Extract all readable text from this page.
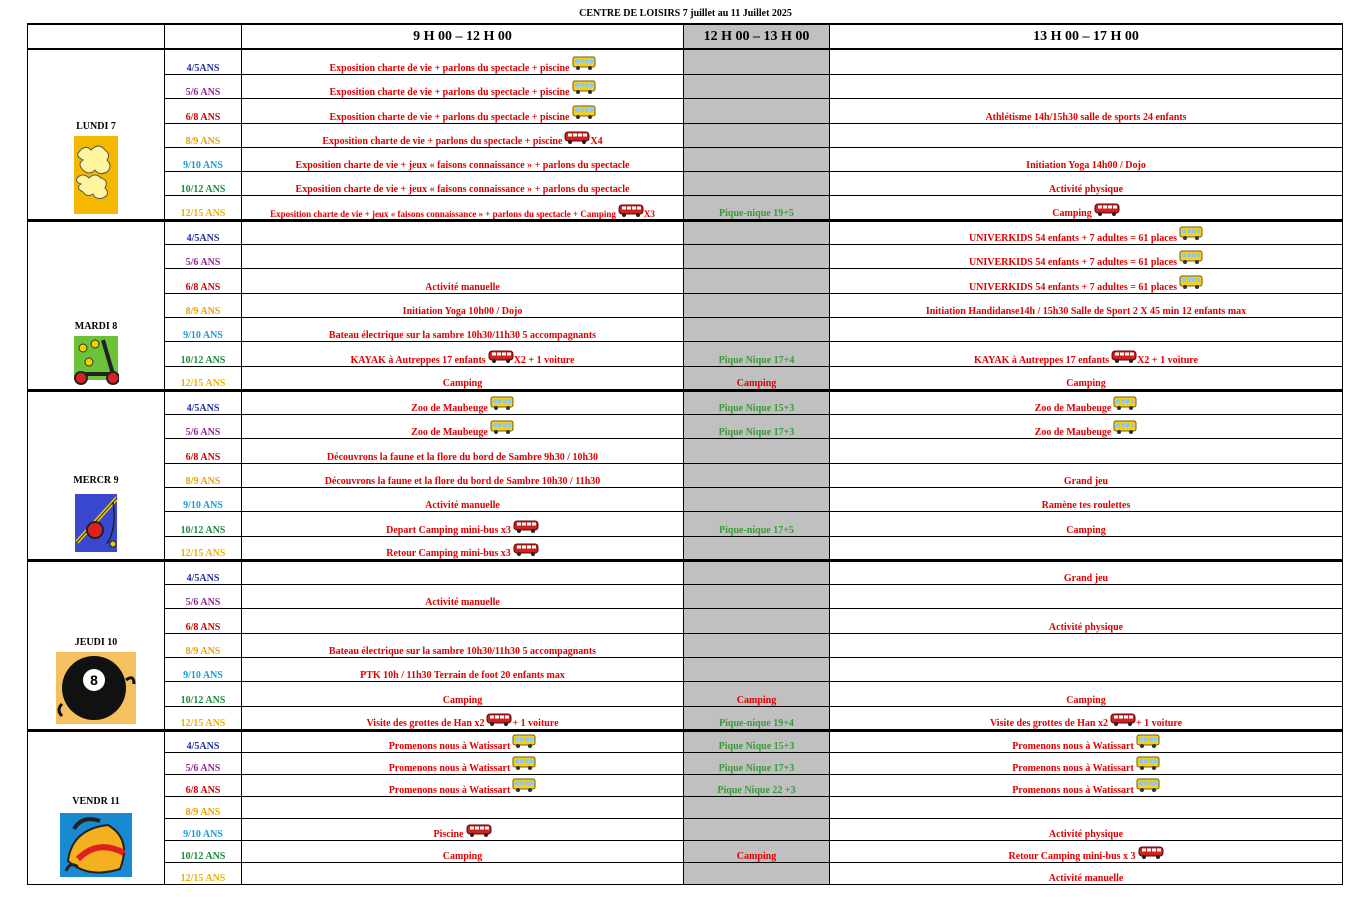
CENTRE DE LOISIRS 7 juillet au 11 Juillet 2025
		9 H 00 – 12 H 00	12 H 00 – 13 H 00	13 H 00 – 17 H 00

LUNDI 7	4/5ANS	Exposition charte de vie + parlons du spectacle + piscine		
	5/6 ANS	Exposition charte de vie + parlons du spectacle + piscine		
	6/8 ANS	Exposition charte de vie + parlons du spectacle + piscine		Athlétisme 14h/15h30 salle de sports 24 enfants
	8/9 ANS	Exposition charte de vie + parlons du spectacle + piscine X4		
	9/10 ANS	Exposition charte de vie + jeux « faisons connaissance » + parlons du spectacle		Initiation Yoga 14h00 / Dojo
	10/12 ANS	Exposition charte de vie + jeux « faisons connaissance » + parlons du spectacle		Activité physique
	12/15 ANS	Exposition charte de vie + jeux « faisons connaissance » + parlons du spectacle + Camping X3	Pique-nique 19+5	Camping

MARDI 8	4/5ANS			UNIVERKIDS 54 enfants + 7 adultes = 61 places
	5/6 ANS			UNIVERKIDS 54 enfants + 7 adultes = 61 places
	6/8 ANS	Activité manuelle		UNIVERKIDS 54 enfants + 7 adultes = 61 places
	8/9 ANS	Initiation Yoga 10h00 / Dojo		Initiation Handidanse14h / 15h30 Salle de Sport 2 X 45 min 12 enfants max
	9/10 ANS	Bateau électrique sur la sambre 10h30/11h30 5 accompagnants		
	10/12 ANS	KAYAK à Autreppes 17 enfants X2 + 1 voiture	Pique Nique 17+4	KAYAK à Autreppes 17 enfants X2 + 1 voiture
	12/15 ANS	Camping	Camping	Camping

MERCR 9	4/5ANS	Zoo de Maubeuge	Pique Nique 15+3	Zoo de Maubeuge
	5/6 ANS	Zoo de Maubeuge	Pique Nique 17+3	Zoo de Maubeuge
	6/8 ANS	Découvrons la faune et la flore du bord de Sambre 9h30 / 10h30		
	8/9 ANS	Découvrons la faune et la flore du bord de Sambre 10h30 / 11h30		Grand jeu
	9/10 ANS	Activité manuelle		Ramène tes roulettes
	10/12 ANS	Depart Camping mini-bus x3	Pique-nique 17+5	Camping
	12/15 ANS	Retour Camping mini-bus x3		

JEUDI 10
8	4/5ANS			Grand jeu
	5/6 ANS	Activité manuelle		
	6/8 ANS			Activité physique
	8/9 ANS	Bateau électrique sur la sambre 10h30/11h30 5 accompagnants		
	9/10 ANS	PTK 10h / 11h30 Terrain de foot 20 enfants max		
	10/12 ANS	Camping	Camping	Camping
	12/15 ANS	Visite des grottes de Han x2 + 1 voiture	Pique-nique 19+4	Visite des grottes de Han x2 + 1 voiture

VENDR 11	4/5ANS	Promenons nous à Watissart	Pique Nique 15+3	Promenons nous à Watissart
	5/6 ANS	Promenons nous à Watissart	Pique Nique 17+3	Promenons nous à Watissart
	6/8 ANS	Promenons nous à Watissart	Pique Nique 22 +3	Promenons nous à Watissart
	8/9 ANS			
	9/10 ANS	Piscine		Activité physique
	10/12 ANS	Camping	Camping	Retour Camping mini-bus x 3
	12/15 ANS			Activité manuelle
